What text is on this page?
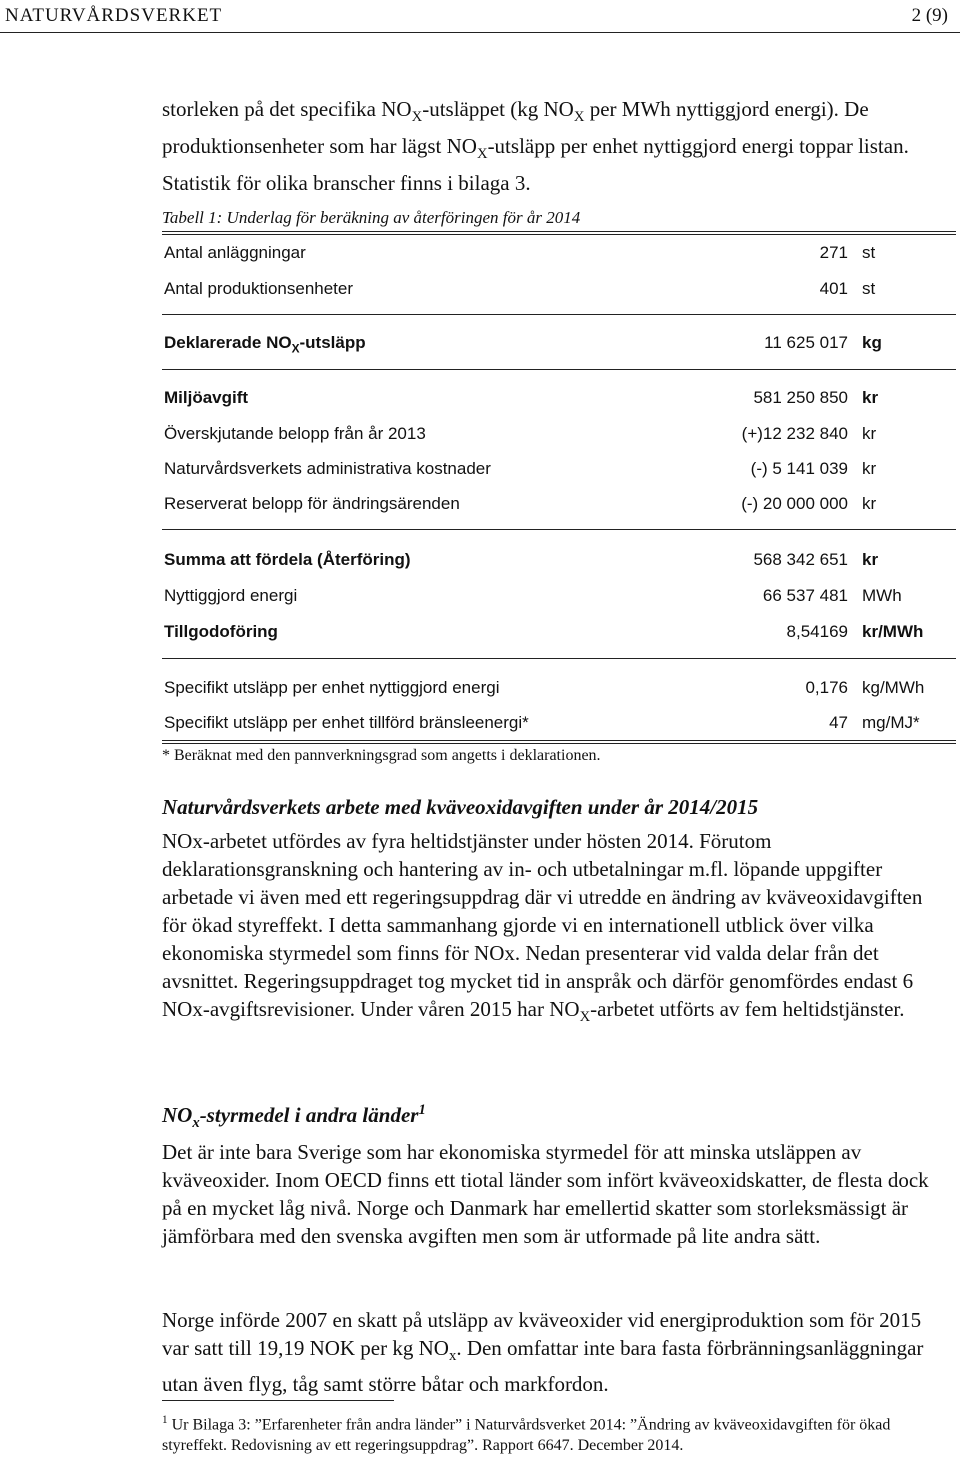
NATURVÅRDSVERKET	2 (9)

storleken på det specifika $NO_X$-utsläppet (kg $NO_X$ per MWh nyttiggjord energi). De produktionsenheter som har lägst $NO_X$-utsläpp per enhet nyttiggjord energi toppar listan. Statistik för olika branscher finns i bilaga 3.

Tabell 1: Underlag för beräkning av återföringen för år 2014
Antal anläggningar	271 st
Antal produktionsenheter	401 st
Deklarerade $NO_X$-utsläpp	11 625 017 kg
Miljöavgift	581 250 850 kr
Överskjutande belopp från år 2013	(+)12 232 840 kr
Naturvårdsverkets administrativa kostnader	(-) 5 141 039 kr
Reserverat belopp för ändringsärenden	(-) 20 000 000 kr
Summa att fördela (Återföring)	568 342 651 kr
Nyttiggjord energi	66 537 481 MWh
Tillgodoföring	8,54169 kr/MWh
Specifikt utsläpp per enhet nyttiggjord energi	0,176 kg/MWh
Specifikt utsläpp per enhet tillförd bränsleenergi*	47 mg/MJ*
* Beräknat med den pannverkningsgrad som angetts i deklarationen.
Naturvårdsverkets arbete med kväveoxidavgiften under år 2014/2015

NOx-arbetet utfördes av fyra heltidstjänster under hösten 2014. Förutom deklarationsgranskning och hantering av in- och utbetalningar m.fl. löpande uppgifter arbetade vi även med ett regeringsuppdrag där vi utredde en ändring av kväveoxidavgiften för ökad styreffekt. I detta sammanhang gjorde vi en internationell utblick över vilka ekonomiska styrmedel som finns för NOx. Nedan presenterar vid valda delar från det avsnittet. Regeringsuppdraget tog mycket tid in anspråk och därför genomfördes endast 6 NOx-avgiftsrevisioner. Under våren 2015 har $NO_X$-arbetet utförts av fem heltidstjänster.

$NO_x$-styrmedel i andra länder$^1$

Det är inte bara Sverige som har ekonomiska styrmedel för att minska utsläppen av kväveoxider. Inom OECD finns ett tiotal länder som infört kväveoxidskatter, de flesta dock på en mycket låg nivå. Norge och Danmark har emellertid skatter som storleksmässigt är jämförbara med den svenska avgiften men som är utformade på lite andra sätt.

Norge införde 2007 en skatt på utsläpp av kväveoxider vid energiproduktion som för 2015 var satt till 19,19 NOK per kg $NO_x$. Den omfattar inte bara fasta förbränningsanläggningar utan även flyg, tåg samt större båtar och markfordon.

$^1$ Ur Bilaga 3: ”Erfarenheter från andra länder” i Naturvårdsverket 2014: ”Ändring av kväveoxidavgiften för ökad styreffekt. Redovisning av ett regeringsuppdrag”. Rapport 6647. December 2014.
